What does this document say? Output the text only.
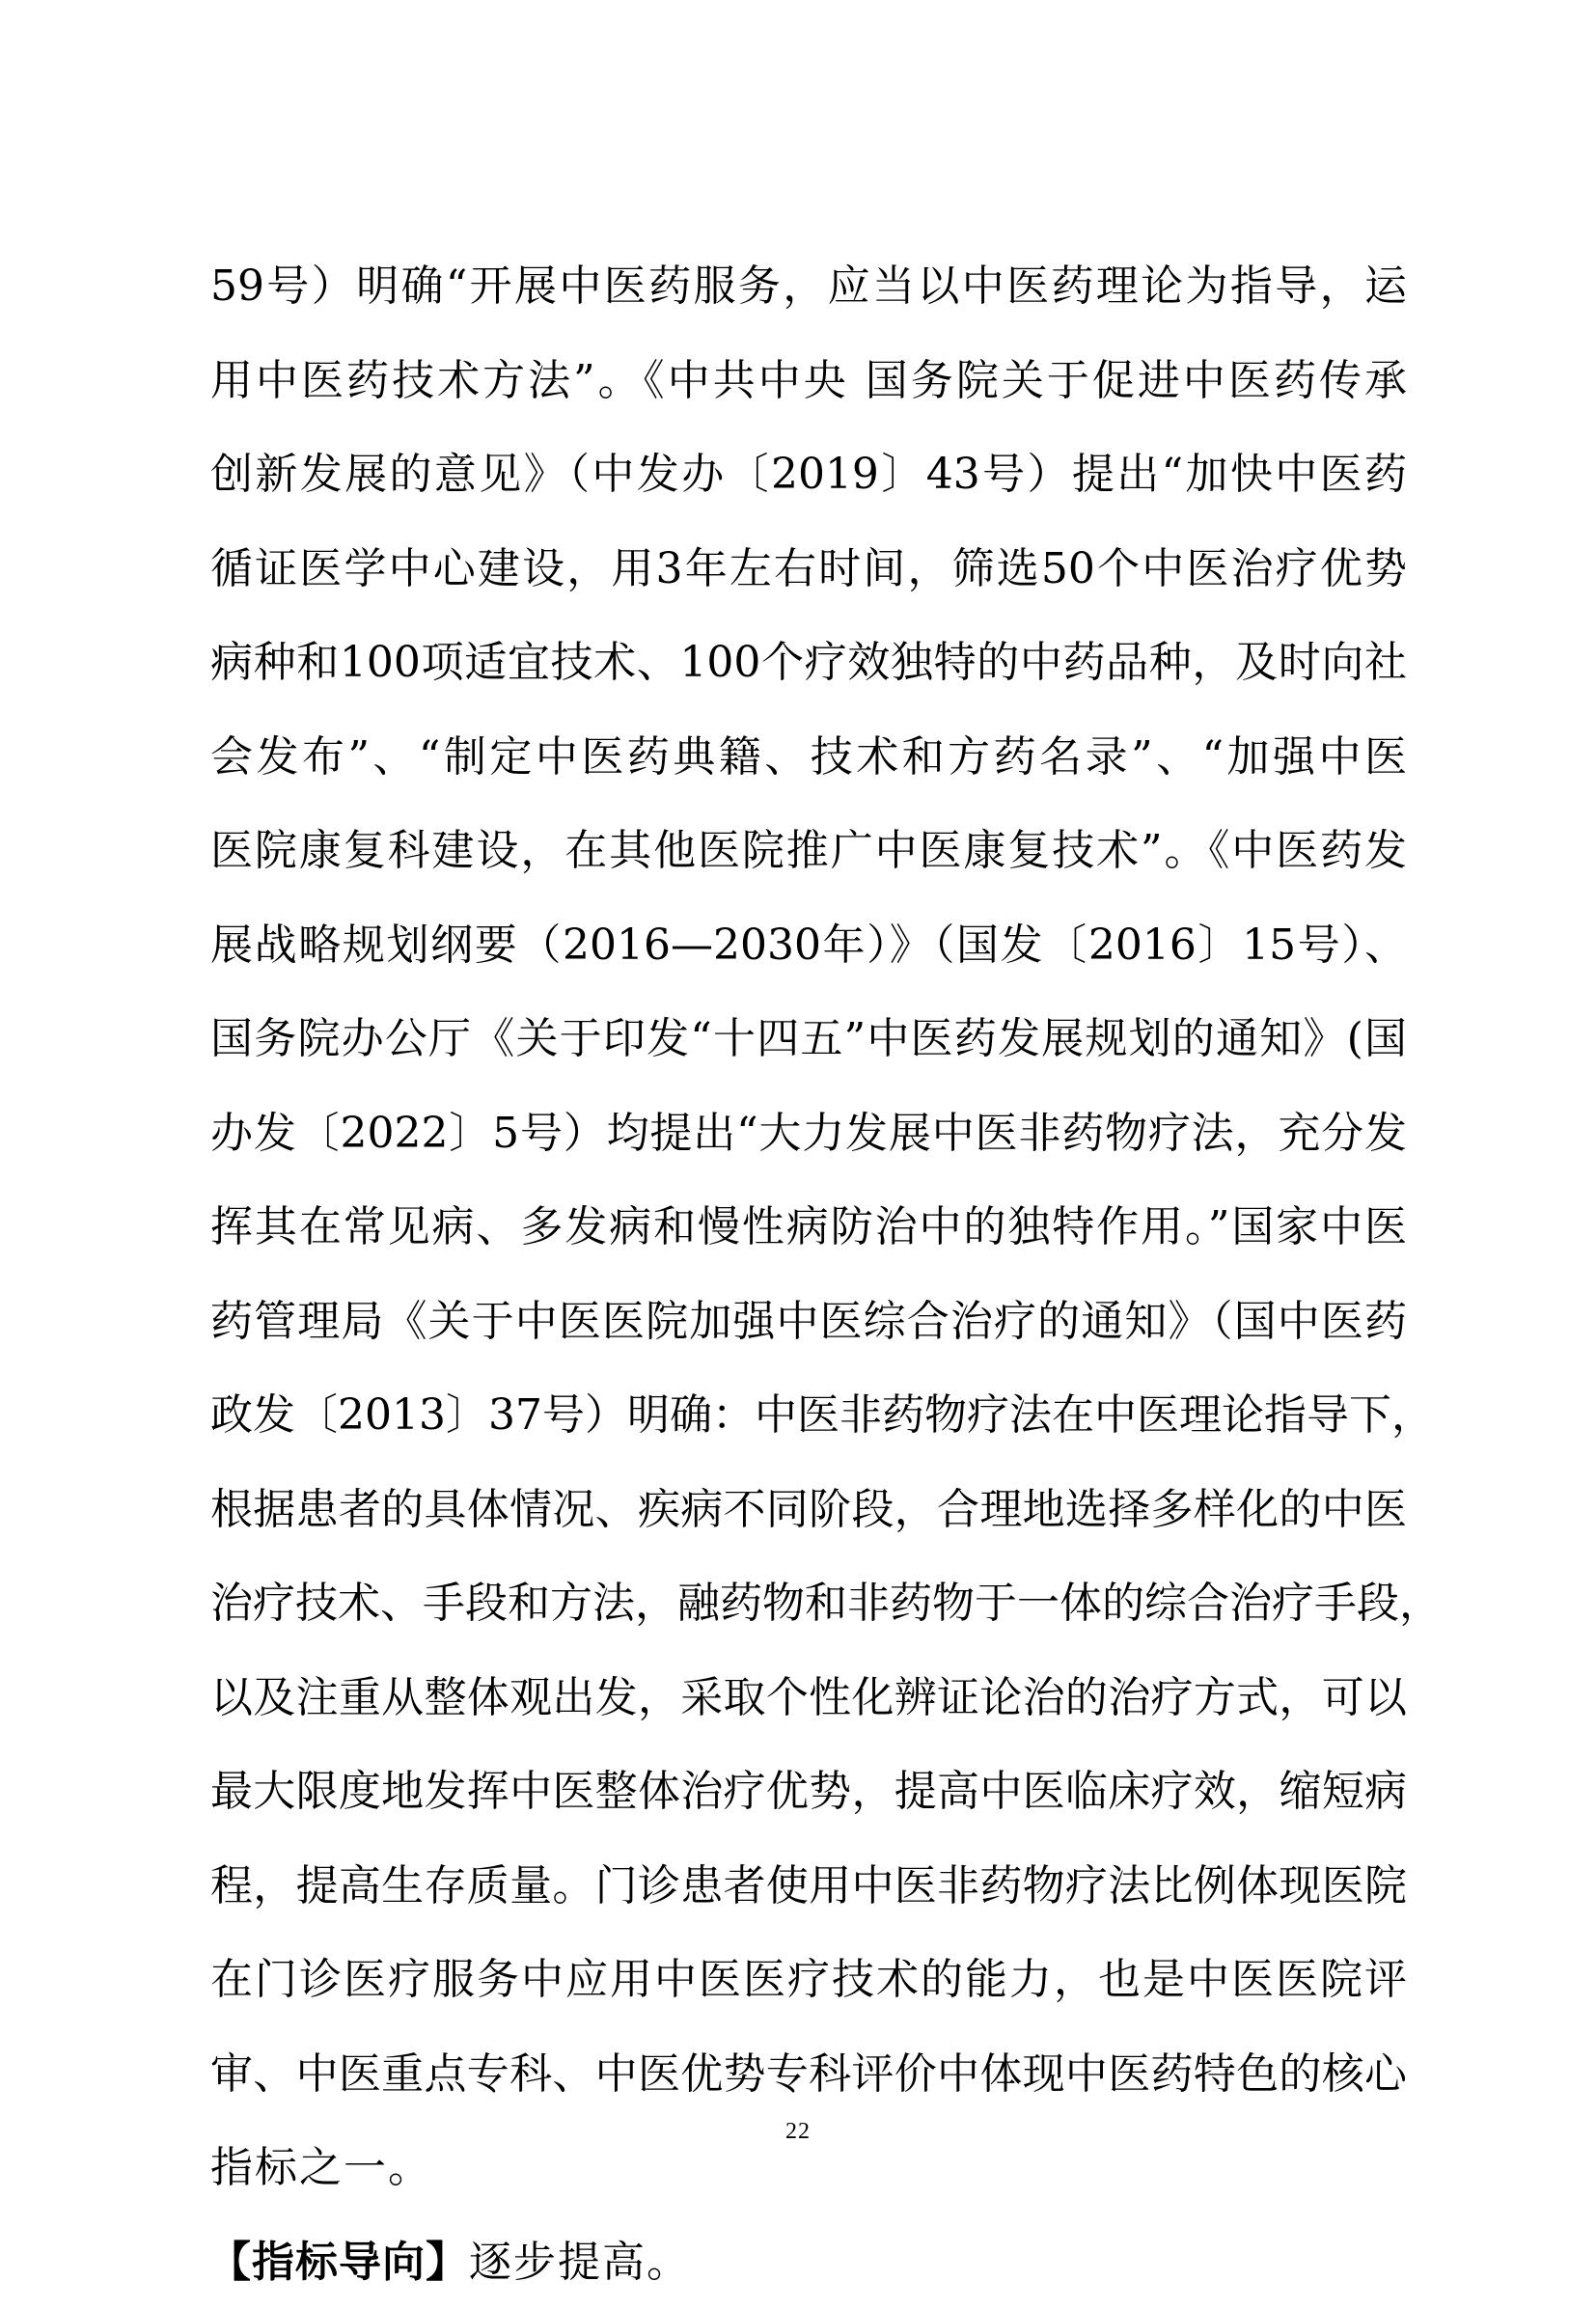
59号）明确“开展中医药服务，应当以中医药理论为指导，运
用中医药技术方法”。《中共中央 国务院关于促进中医药传承
创新发展的意见》（中发办〔2019〕43号）提出“加快中医药
循证医学中心建设，用3年左右时间，筛选50个中医治疗优势
病种和100项适宜技术、100个疗效独特的中药品种，及时向社
会发布”、“制定中医药典籍、技术和方药名录”、“加强中医
医院康复科建设，在其他医院推广中医康复技术”。《中医药发
展战略规划纲要（2016—2030年）》（国发〔2016〕15号）、
国务院办公厅《关于印发“十四五”中医药发展规划的通知》(国
办发〔2022〕5号）均提出“大力发展中医非药物疗法，充分发
挥其在常见病、多发病和慢性病防治中的独特作用。”国家中医
药管理局《关于中医医院加强中医综合治疗的通知》（国中医药
政发〔2013〕37号）明确：中医非药物疗法在中医理论指导下，
根据患者的具体情况、疾病不同阶段，合理地选择多样化的中医
治疗技术、手段和方法，融药物和非药物于一体的综合治疗手段，
以及注重从整体观出发，采取个性化辨证论治的治疗方式，可以
最大限度地发挥中医整体治疗优势，提高中医临床疗效，缩短病
程，提高生存质量。门诊患者使用中医非药物疗法比例体现医院
在门诊医疗服务中应用中医医疗技术的能力，也是中医医院评
审、中医重点专科、中医优势专科评价中体现中医药特色的核心
指标之一。
【指标导向】逐步提高。
22
